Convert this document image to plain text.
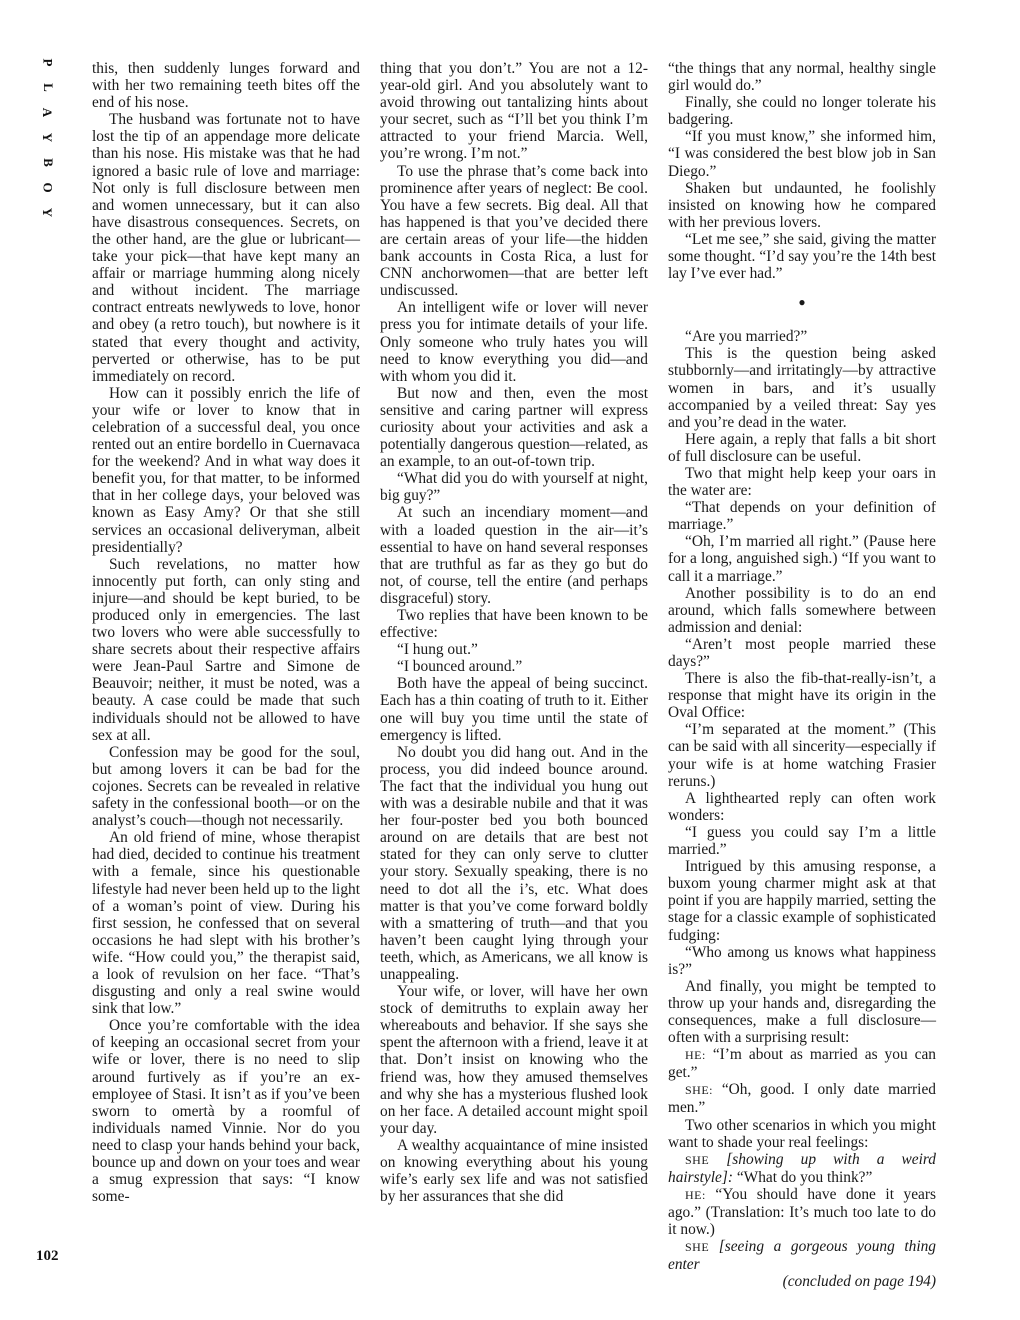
P
L
A
Y
B
O
Y
102

this, then suddenly lunges forward and with her two remaining teeth bites off the end of his nose.

The husband was fortunate not to have lost the tip of an appendage more delicate than his nose. His mistake was that he had ignored a basic rule of love and marriage: Not only is full disclosure between men and women unnecessary, but it can also have disastrous consequences. Secrets, on the other hand, are the glue or lubricant—take your pick—that have kept many an affair or marriage humming along nicely and without incident. The marriage contract entreats newlyweds to love, honor and obey (a retro touch), but nowhere is it stated that every thought and activity, perverted or otherwise, has to be put immediately on record.

How can it possibly enrich the life of your wife or lover to know that in celebration of a successful deal, you once rented out an entire bordello in Cuernavaca for the weekend? And in what way does it benefit you, for that matter, to be informed that in her college days, your beloved was known as Easy Amy? Or that she still services an occasional deliveryman, albeit presidentially?

Such revelations, no matter how innocently put forth, can only sting and injure—and should be kept buried, to be produced only in emergencies. The last two lovers who were able successfully to share secrets about their respective affairs were Jean-Paul Sartre and Simone de Beauvoir; neither, it must be noted, was a beauty. A case could be made that such individuals should not be allowed to have sex at all.

Confession may be good for the soul, but among lovers it can be bad for the cojones. Secrets can be revealed in relative safety in the confessional booth—or on the analyst’s couch—though not necessarily.

An old friend of mine, whose therapist had died, decided to continue his treatment with a female, since his questionable lifestyle had never been held up to the light of a woman’s point of view. During his first session, he confessed that on several occasions he had slept with his brother’s wife. “How could you,” the therapist said, a look of revulsion on her face. “That’s disgusting and only a real swine would sink that low.”

Once you’re comfortable with the idea of keeping an occasional secret from your wife or lover, there is no need to slip around furtively as if you’re an ex-employee of Stasi. It isn’t as if you’ve been sworn to omertà by a roomful of individuals named Vinnie. Nor do you need to clasp your hands behind your back, bounce up and down on your toes and wear a smug expression that says: “I know some-

thing that you don’t.” You are not a 12-year-old girl. And you absolutely want to avoid throwing out tantalizing hints about your secret, such as “I’ll bet you think I’m attracted to your friend Marcia. Well, you’re wrong. I’m not.”

To use the phrase that’s come back into prominence after years of neglect: Be cool. You have a few secrets. Big deal. All that has happened is that you’ve decided there are certain areas of your life—the hidden bank accounts in Costa Rica, a lust for CNN anchorwomen—that are better left undiscussed.

An intelligent wife or lover will never press you for intimate details of your life. Only someone who truly hates you will need to know everything you did—and with whom you did it.

But now and then, even the most sensitive and caring partner will express curiosity about your activities and ask a potentially dangerous question—related, as an example, to an out-of-town trip.

“What did you do with yourself at night, big guy?”

At such an incendiary moment—and with a loaded question in the air—it’s essential to have on hand several responses that are truthful as far as they go but do not, of course, tell the entire (and perhaps disgraceful) story.

Two replies that have been known to be effective:

“I hung out.”

“I bounced around.”

Both have the appeal of being succinct. Each has a thin coating of truth to it. Either one will buy you time until the state of emergency is lifted.

No doubt you did hang out. And in the process, you did indeed bounce around. The fact that the individual you hung out with was a desirable nubile and that it was her four-poster bed you both bounced around on are details that are best not stated for they can only serve to clutter your story. Sexually speaking, there is no need to dot all the i’s, etc. What does matter is that you’ve come forward boldly with a smattering of truth—and that you haven’t been caught lying through your teeth, which, as Americans, we all know is unappealing.

Your wife, or lover, will have her own stock of demitruths to explain away her whereabouts and behavior. If she says she spent the afternoon with a friend, leave it at that. Don’t insist on knowing who the friend was, how they amused themselves and why she has a mysterious flushed look on her face. A detailed account might spoil your day.

A wealthy acquaintance of mine insisted on knowing everything about his young wife’s early sex life and was not satisfied by her assurances that she did

“the things that any normal, healthy single girl would do.”

Finally, she could no longer tolerate his badgering.

“If you must know,” she informed him, “I was considered the best blow job in San Diego.”

Shaken but undaunted, he foolishly insisted on knowing how he compared with her previous lovers.

“Let me see,” she said, giving the matter some thought. “I’d say you’re the 14th best lay I’ve ever had.”

●

“Are you married?”

This is the question being asked stubbornly—and irritatingly—by attractive women in bars, and it’s usually accompanied by a veiled threat: Say yes and you’re dead in the water.

Here again, a reply that falls a bit short of full disclosure can be useful.

Two that might help keep your oars in the water are:

“That depends on your definition of marriage.”

“Oh, I’m married all right.” (Pause here for a long, anguished sigh.) “If you want to call it a marriage.”

Another possibility is to do an end around, which falls somewhere between admission and denial:

“Aren’t most people married these days?”

There is also the fib-that-really-isn’t, a response that might have its origin in the Oval Office:

“I’m separated at the moment.” (This can be said with all sincerity—especially if your wife is at home watching Frasier reruns.)

A lighthearted reply can often work wonders:

“I guess you could say I’m a little married.”

Intrigued by this amusing response, a buxom young charmer might ask at that point if you are happily married, setting the stage for a classic example of sophisticated fudging:

“Who among us knows what happiness is?”

And finally, you might be tempted to throw up your hands and, disregarding the consequences, make a full disclosure—often with a surprising result:

HE: “I’m about as married as you can get.”

SHE: “Oh, good. I only date married men.”

Two other scenarios in which you might want to shade your real feelings:

SHE [showing up with a weird hairstyle]: “What do you think?”

HE: “You should have done it years ago.” (Translation: It’s much too late to do it now.)

SHE [seeing a gorgeous young thing enter

(concluded on page 194)
